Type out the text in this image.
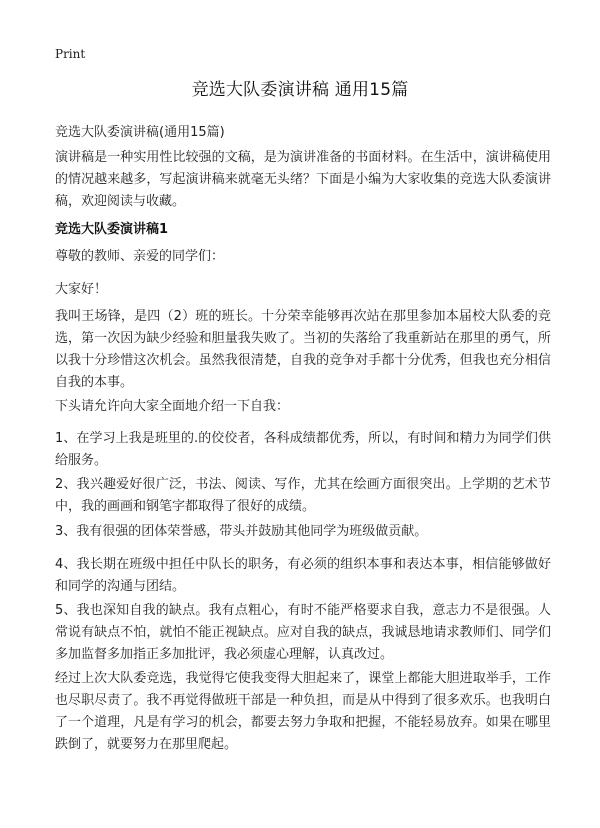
Print
竞选大队委演讲稿 通用15篇
竞选大队委演讲稿(通用15篇)

演讲稿是一种实用性比较强的文稿，是为演讲准备的书面材料。在生活中，演讲稿使用的情况越来越多，写起演讲稿来就毫无头绪？下面是小编为大家收集的竞选大队委演讲稿，欢迎阅读与收藏。

竞选大队委演讲稿1

尊敬的教师、亲爱的同学们：

大家好！

我叫王场锋，是四（2）班的班长。十分荣幸能够再次站在那里参加本届校大队委的竞选，第一次因为缺少经验和胆量我失败了。当初的失落给了我重新站在那里的勇气，所以我十分珍惜这次机会。虽然我很清楚，自我的竞争对手都十分优秀，但我也充分相信自我的本事。

下头请允许向大家全面地介绍一下自我：

1、在学习上我是班里的.的佼佼者，各科成绩都优秀，所以，有时间和精力为同学们供给服务。

2、我兴趣爱好很广泛，书法、阅读、写作，尤其在绘画方面很突出。上学期的艺术节中，我的画画和钢笔字都取得了很好的成绩。

3、我有很强的团体荣誉感，带头并鼓励其他同学为班级做贡献。

4、我长期在班级中担任中队长的职务，有必须的组织本事和表达本事，相信能够做好和同学的沟通与团结。

5、我也深知自我的缺点。我有点粗心，有时不能严格要求自我，意志力不是很强。人常说有缺点不怕，就怕不能正视缺点。应对自我的缺点，我诚恳地请求教师们、同学们多加监督多加指正多加批评，我必须虚心理解，认真改过。

经过上次大队委竞选，我觉得它使我变得大胆起来了，课堂上都能大胆进取举手，工作也尽职尽责了。我不再觉得做班干部是一种负担，而是从中得到了很多欢乐。也我明白了一个道理，凡是有学习的机会，都要去努力争取和把握，不能轻易放弃。如果在哪里跌倒了，就要努力在那里爬起。
